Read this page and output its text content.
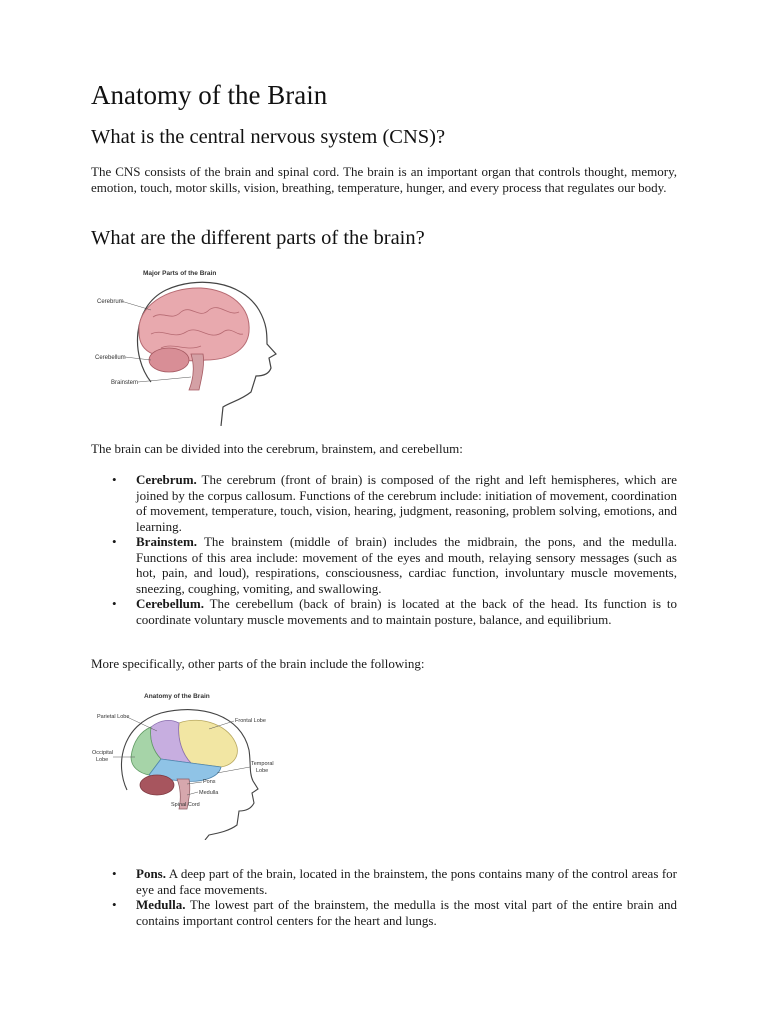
Anatomy of the Brain
What is the central nervous system (CNS)?

The CNS consists of the brain and spinal cord. The brain is an important organ that controls thought, memory, emotion, touch, motor skills, vision, breathing, temperature, hunger, and every process that regulates our body.

What are the different parts of the brain?
Major Parts of the Brain
Cerebrum
Cerebellum
Brainstem

The brain can be divided into the cerebrum, brainstem, and cerebellum:

• Cerebrum. The cerebrum (front of brain) is composed of the right and left hemispheres, which are joined by the corpus callosum. Functions of the cerebrum include: initiation of movement, coordination of movement, temperature, touch, vision, hearing, judgment, reasoning, problem solving, emotions, and learning.
• Brainstem. The brainstem (middle of brain) includes the midbrain, the pons, and the medulla. Functions of this area include: movement of the eyes and mouth, relaying sensory messages (such as hot, pain, and loud), respirations, consciousness, cardiac function, involuntary muscle movements, sneezing, coughing, vomiting, and swallowing.
• Cerebellum. The cerebellum (back of brain) is located at the back of the head. Its function is to coordinate voluntary muscle movements and to maintain posture, balance, and equilibrium.

More specifically, other parts of the brain include the following:

Anatomy of the Brain
Parietal Lobe
Frontal Lobe
Occipital
Lobe
Temporal
Lobe
Pons
Medulla
Spinal Cord
• Pons. A deep part of the brain, located in the brainstem, the pons contains many of the control areas for eye and face movements.
• Medulla. The lowest part of the brainstem, the medulla is the most vital part of the entire brain and contains important control centers for the heart and lungs.
